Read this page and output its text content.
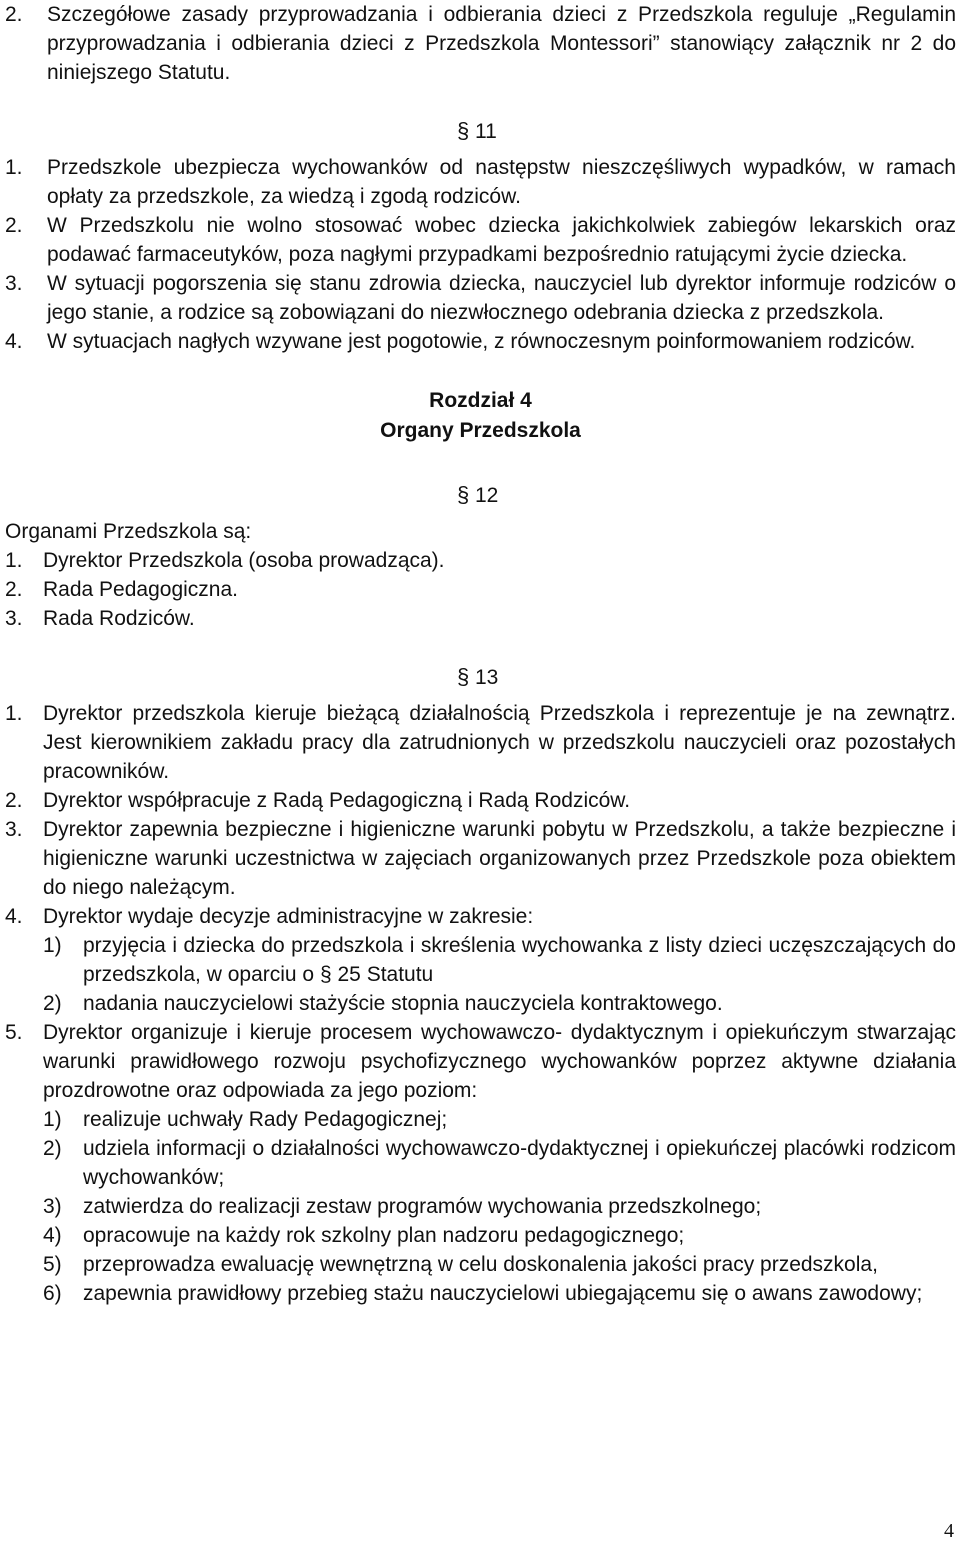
2.	Szczegółowe zasady przyprowadzania i odbierania dzieci z Przedszkola reguluje „Regulamin przyprowadzania i odbierania dzieci z Przedszkola Montessori” stanowiący załącznik nr 2 do niniejszego Statutu.
§11
1.	Przedszkole ubezpiecza wychowanków od następstw nieszczęśliwych wypadków, w ramach opłaty za przedszkole, za wiedzą i zgodą rodziców.
2.	W Przedszkolu nie wolno stosować wobec dziecka jakichkolwiek zabiegów lekarskich oraz podawać farmaceutyków, poza nagłymi przypadkami bezpośrednio ratującymi życie dziecka.
3.	W sytuacji pogorszenia się stanu zdrowia dziecka, nauczyciel lub dyrektor informuje rodziców o jego stanie, a rodzice są zobowiązani do niezwłocznego odebrania dziecka z przedszkola.
4.	W sytuacjach nagłych wzywane jest pogotowie, z równoczesnym poinformowaniem rodziców.
Rozdział 4
Organy Przedszkola
§12
Organami Przedszkola są:
1. Dyrektor Przedszkola (osoba prowadząca).
2. Rada Pedagogiczna.
3. Rada Rodziców.
§13
1. Dyrektor przedszkola kieruje bieżącą działalnością Przedszkola i reprezentuje je na zewnątrz. Jest kierownikiem zakładu pracy dla zatrudnionych w przedszkolu nauczycieli oraz pozostałych pracowników.
2. Dyrektor współpracuje z Radą Pedagogiczną i Radą Rodziców.
3. Dyrektor zapewnia bezpieczne i higieniczne warunki pobytu w Przedszkolu, a także bezpieczne i higieniczne warunki uczestnictwa w zajęciach organizowanych przez Przedszkole poza obiektem do niego należącym.
4. Dyrektor wydaje decyzje administracyjne w zakresie:
1)	przyjęcia i dziecka do przedszkola i skreślenia wychowanka z listy dzieci uczęszczających do przedszkola, w oparciu o § 25 Statutu
2)	nadania nauczycielowi stażyście stopnia nauczyciela kontraktowego.
5. Dyrektor organizuje i kieruje procesem wychowawczo- dydaktycznym i opiekuńczym stwarzając warunki prawidłowego rozwoju psychofizycznego wychowanków poprzez aktywne działania prozdrowotne oraz odpowiada za jego poziom:
1)	realizuje uchwały Rady Pedagogicznej;
2)	udziela informacji o działalności wychowawczo-dydaktycznej i opiekuńczej placówki rodzicom wychowanków;
3)	zatwierdza do realizacji zestaw programów wychowania przedszkolnego;
4)	opracowuje na każdy rok szkolny plan nadzoru pedagogicznego;
5)	przeprowadza ewaluację wewnętrzną w celu doskonalenia jakości pracy przedszkola,
6)	zapewnia prawidłowy przebieg stażu nauczycielowi ubiegającemu się o awans zawodowy;
4
